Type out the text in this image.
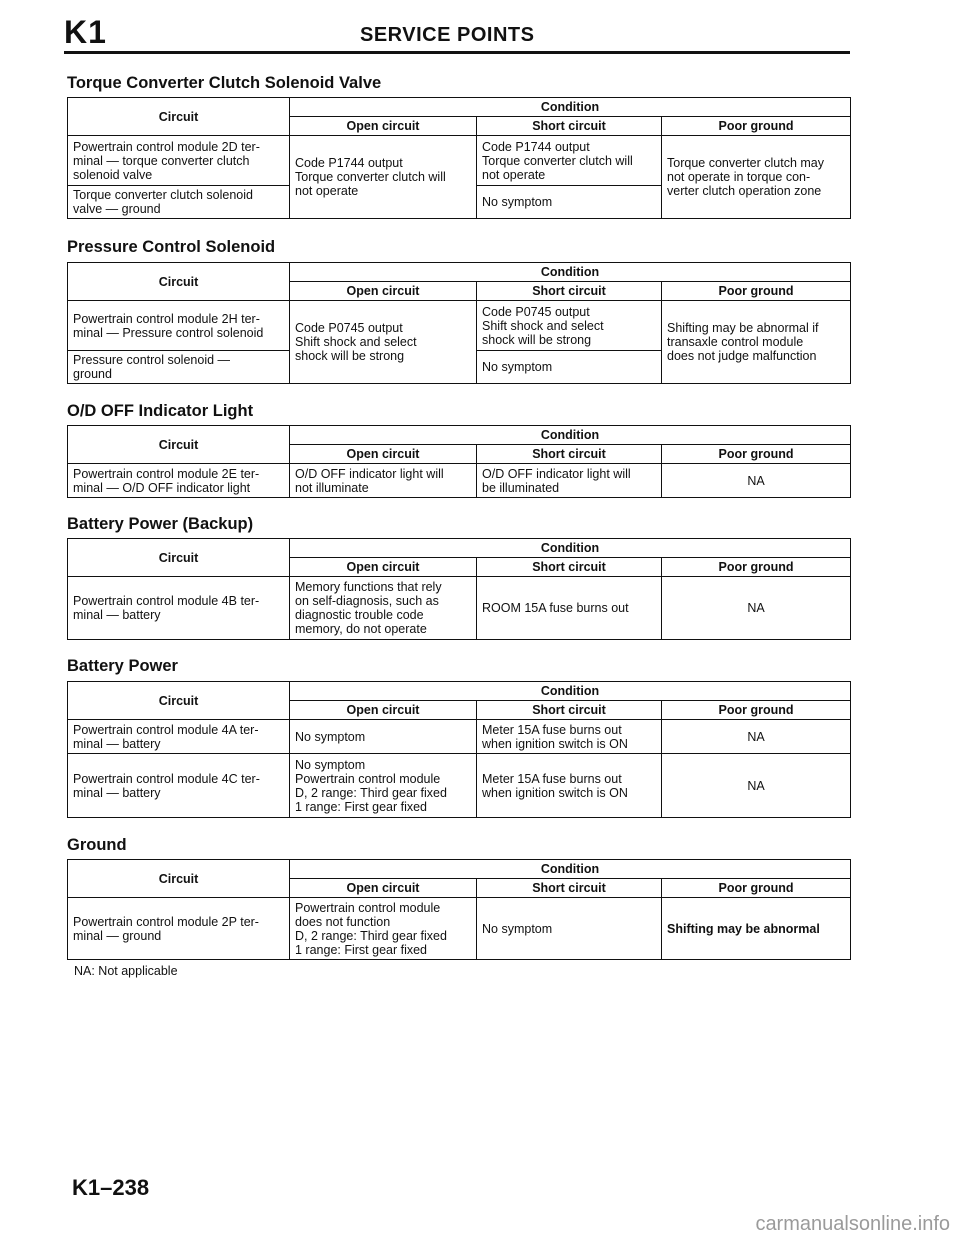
K1	SERVICE POINTS
Torque Converter Clutch Solenoid Valve
Circuit	Condition		
	Open circuit	Short circuit	Poor ground
Powertrain control module 2D ter-
minal — torque converter clutch
solenoid valve	Code P1744 output
Torque converter clutch will
not operate	Code P1744 output
Torque converter clutch will
not operate	Torque converter clutch may
not operate in torque con-
verter clutch operation zone
Torque converter clutch solenoid
valve — ground		No symptom	
Pressure Control Solenoid
Circuit	Condition		
	Open circuit	Short circuit	Poor ground
Powertrain control module 2H ter-
minal — Pressure control solenoid	Code P0745 output
Shift shock and select
shock will be strong	Code P0745 output
Shift shock and select
shock will be strong	Shifting may be abnormal if
transaxle control module
does not judge malfunction
Pressure control solenoid —
ground		No symptom	
O/D OFF Indicator Light
Circuit	Condition		
	Open circuit	Short circuit	Poor ground
Powertrain control module 2E ter-
minal — O/D OFF indicator light	O/D OFF indicator light will
not illuminate	O/D OFF indicator light will
be illuminated	NA
Battery Power (Backup)
Circuit	Condition		
	Open circuit	Short circuit	Poor ground
Powertrain control module 4B ter-
minal — battery	Memory functions that rely
on self-diagnosis, such as
diagnostic trouble code
memory, do not operate	ROOM 15A fuse burns out	NA
Battery Power
Circuit	Condition		
	Open circuit	Short circuit	Poor ground
Powertrain control module 4A ter-
minal — battery	No symptom	Meter 15A fuse burns out
when ignition switch is ON	NA
Powertrain control module 4C ter-
minal — battery	No symptom
Powertrain control module
D, 2 range: Third gear fixed
1 range: First gear fixed	Meter 15A fuse burns out
when ignition switch is ON	NA
Ground
Circuit	Condition		
	Open circuit	Short circuit	Poor ground
Powertrain control module 2P ter-
minal — ground	Powertrain control module
does not function
D, 2 range: Third gear fixed
1 range: First gear fixed	No symptom	Shifting may be abnormal
NA: Not applicable
K1–238
carmanualsonline.info
